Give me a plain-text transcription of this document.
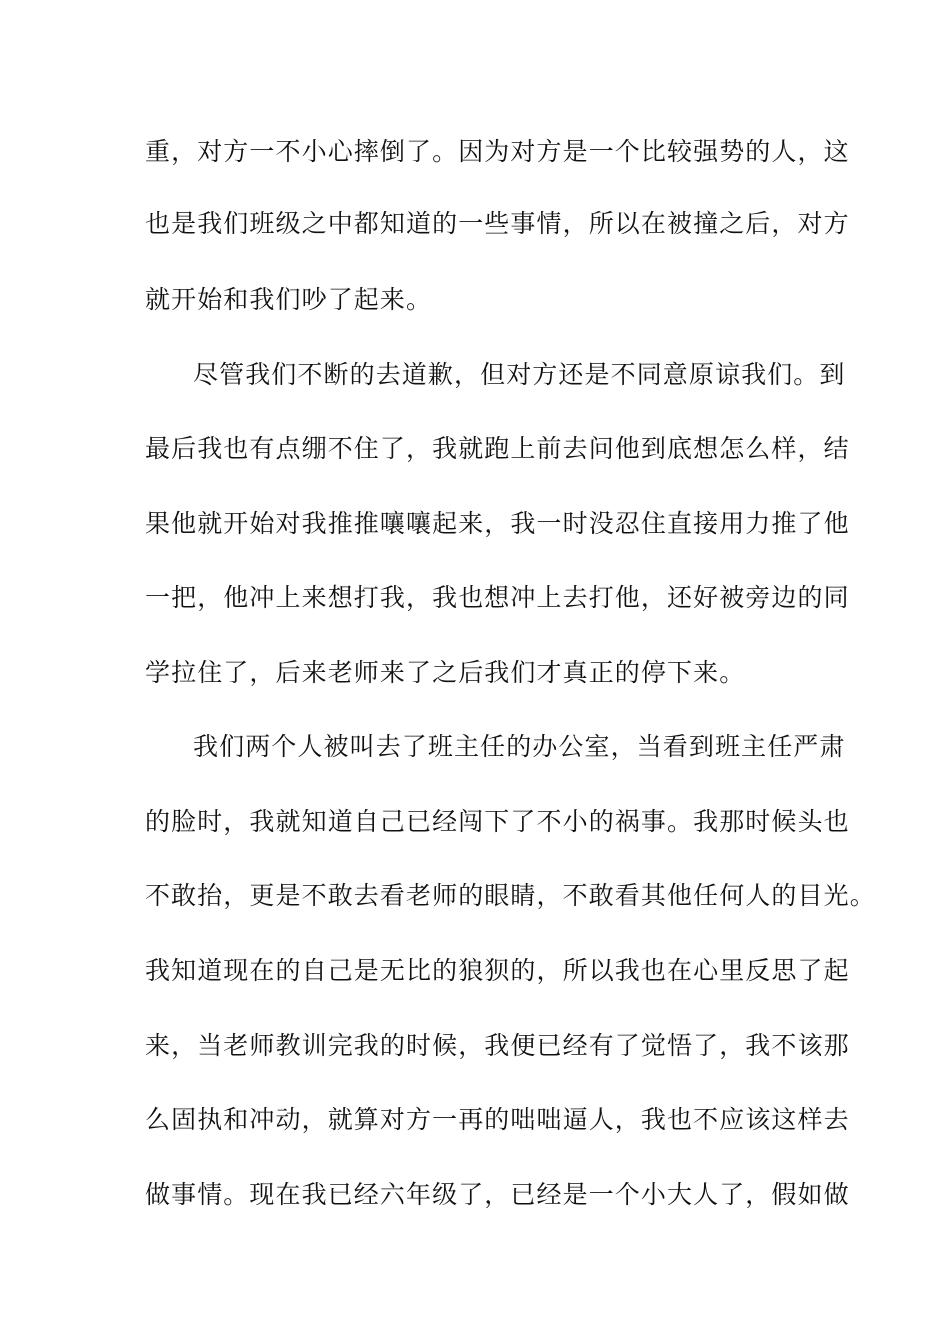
重，对方一不小心摔倒了。因为对方是一个比较强势的人，这
也是我们班级之中都知道的一些事情，所以在被撞之后，对方
就开始和我们吵了起来。
尽管我们不断的去道歉，但对方还是不同意原谅我们。到
最后我也有点绷不住了，我就跑上前去问他到底想怎么样，结
果他就开始对我推推嚷嚷起来，我一时没忍住直接用力推了他
一把，他冲上来想打我，我也想冲上去打他，还好被旁边的同
学拉住了，后来老师来了之后我们才真正的停下来。
我们两个人被叫去了班主任的办公室，当看到班主任严肃
的脸时，我就知道自己已经闯下了不小的祸事。我那时候头也
不敢抬，更是不敢去看老师的眼睛，不敢看其他任何人的目光。
我知道现在的自己是无比的狼狈的，所以我也在心里反思了起
来，当老师教训完我的时候，我便已经有了觉悟了，我不该那
么固执和冲动，就算对方一再的咄咄逼人，我也不应该这样去
做事情。现在我已经六年级了，已经是一个小大人了，假如做
